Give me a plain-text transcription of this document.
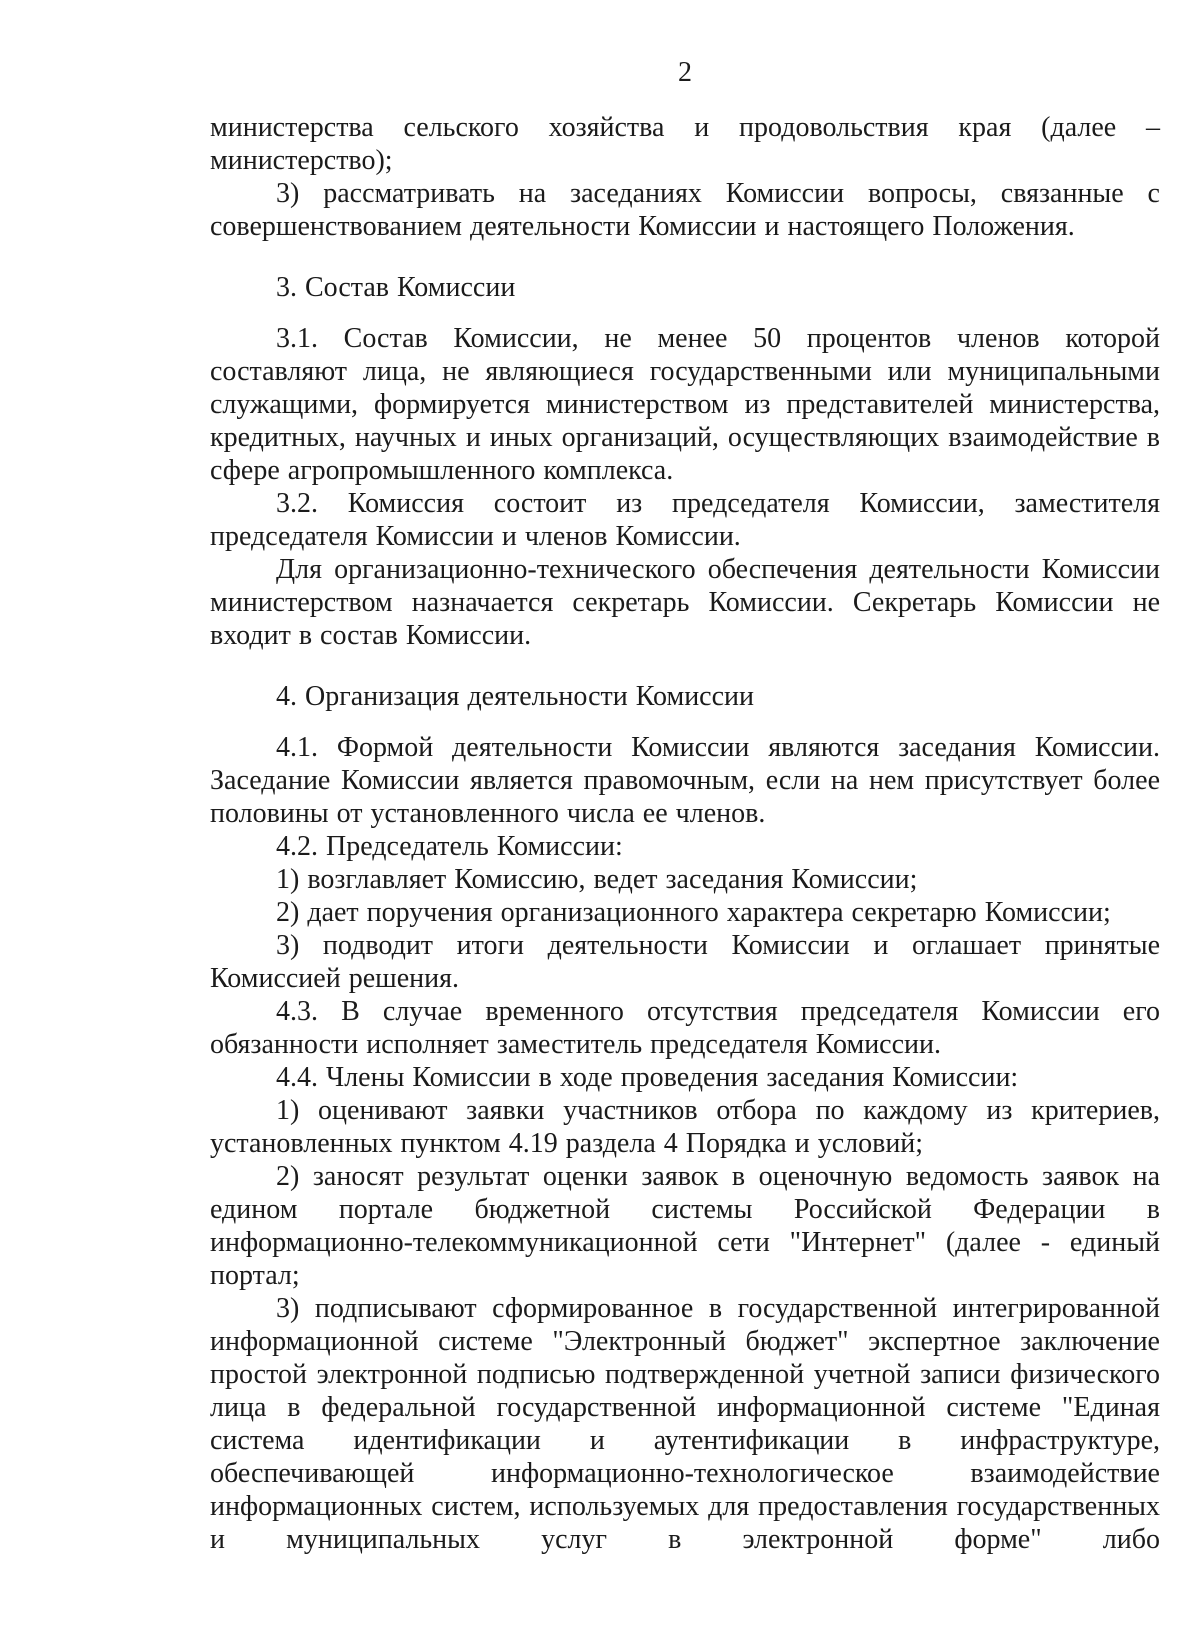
2

министерства сельского хозяйства и продовольствия края (далее – министерство);

3) рассматривать на заседаниях Комиссии вопросы, связанные с совершенствованием деятельности Комиссии и настоящего Положения.

3. Состав Комиссии

3.1. Состав Комиссии, не менее 50 процентов членов которой составляют лица, не являющиеся государственными или муниципальными служащими, формируется министерством из представителей министерства, кредитных, научных и иных организаций, осуществляющих взаимодействие в сфере агропромышленного комплекса.

3.2. Комиссия состоит из председателя Комиссии, заместителя председателя Комиссии и членов Комиссии.

Для организационно-технического обеспечения деятельности Комиссии министерством назначается секретарь Комиссии. Секретарь Комиссии не входит в состав Комиссии.

4. Организация деятельности Комиссии

4.1. Формой деятельности Комиссии являются заседания Комиссии. Заседание Комиссии является правомочным, если на нем присутствует более половины от установленного числа ее членов.

4.2. Председатель Комиссии:

1) возглавляет Комиссию, ведет заседания Комиссии;

2) дает поручения организационного характера секретарю Комиссии;

3) подводит итоги деятельности Комиссии и оглашает принятые Комиссией решения.

4.3. В случае временного отсутствия председателя Комиссии его обязанности исполняет заместитель председателя Комиссии.

4.4. Члены Комиссии в ходе проведения заседания Комиссии:

1) оценивают заявки участников отбора по каждому из критериев, установленных пунктом 4.19 раздела 4 Порядка и условий;

2) заносят результат оценки заявок в оценочную ведомость заявок на едином портале бюджетной системы Российской Федерации в информационно-телекоммуникационной сети "Интернет" (далее - единый портал;

3) подписывают сформированное в государственной интегрированной информационной системе "Электронный бюджет" экспертное заключение простой электронной подписью подтвержденной учетной записи физического лица в федеральной государственной информационной системе "Единая система идентификации и аутентификации в инфраструктуре, обеспечивающей информационно-технологическое взаимодействие информационных систем, используемых для предоставления государственных и муниципальных услуг в электронной форме" либо
